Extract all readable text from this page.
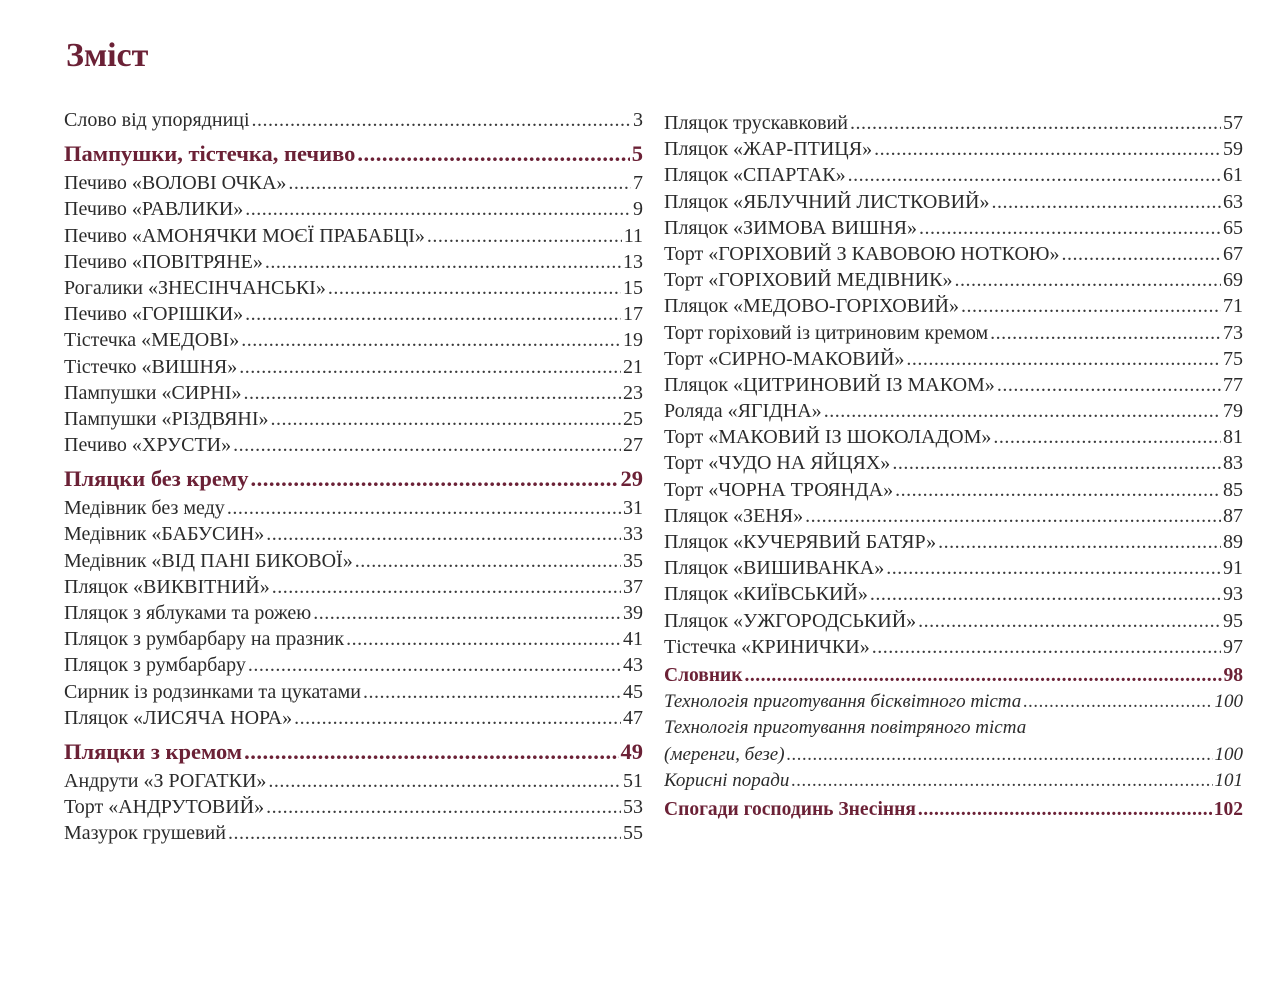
Зміст
Слово від упорядниці .....	3
Пампушки, тістечка, печиво .....	5
Печиво «ВОЛОВІ ОЧКА» .....	7
Печиво «РАВЛИКИ» .....	9
Печиво «АМОНЯЧКИ МОЄЇ ПРАБАБЦІ» .....	11
Печиво «ПОВІТРЯНЕ» .....	13
Рогалики «ЗНЕСІНЧАНСЬКІ» .....	15
Печиво «ГОРІШКИ» .....	17
Тістечка «МЕДОВІ» .....	19
Тістечко «ВИШНЯ» .....	21
Пампушки «СИРНІ» .....	23
Пампушки «РІЗДВЯНІ» .....	25
Печиво «ХРУСТИ» .....	27
Пляцки без крему .....	29
Медівник без меду .....	31
Медівник «БАБУСИН» .....	33
Медівник «ВІД ПАНІ БИКОВОЇ» .....	35
Пляцок «ВИКВІТНИЙ» .....	37
Пляцок з яблуками та рожею .....	39
Пляцок з румбарбару на празник .....	41
Пляцок з румбарбару .....	43
Сирник із родзинками та цукатами .....	45
Пляцок «ЛИСЯЧА НОРА» .....	47
Пляцки з кремом .....	49
Андрути «З РОГАТКИ» .....	51
Торт «АНДРУТОВИЙ» .....	53
Мазурок грушевий .....	55
Пляцок трускавковий .....	57
Пляцок «ЖАР-ПТИЦЯ» .....	59
Пляцок «СПАРТАК» .....	61
Пляцок «ЯБЛУЧНИЙ ЛИСТКОВИЙ» .....	63
Пляцок «ЗИМОВА ВИШНЯ» .....	65
Торт «ГОРІХОВИЙ З КАВОВОЮ НОТКОЮ» .....	67
Торт «ГОРІХОВИЙ МЕДІВНИК» .....	69
Пляцок «МЕДОВО-ГОРІХОВИЙ» .....	71
Торт горіховий із цитриновим кремом .....	73
Торт «СИРНО-МАКОВИЙ» .....	75
Пляцок «ЦИТРИНОВИЙ ІЗ МАКОМ» .....	77
Роляда «ЯГІДНА» .....	79
Торт «МАКОВИЙ ІЗ ШОКОЛАДОМ» .....	81
Торт «ЧУДО НА ЯЙЦЯХ» .....	83
Торт «ЧОРНА ТРОЯНДА» .....	85
Пляцок «ЗЕНЯ» .....	87
Пляцок «КУЧЕРЯВИЙ БАТЯР» .....	89
Пляцок «ВИШИВАНКА» .....	91
Пляцок «КИЇВСЬКИЙ» .....	93
Пляцок «УЖГОРОДСЬКИЙ» .....	95
Тістечка «КРИНИЧКИ» .....	97
Словник .....	98
Технологія приготування бісквітного тіста .....	100
Технологія приготування повітряного тіста
(меренги, безе) .....	100
Корисні поради .....	101
Спогади господинь Знесіння .....	102
